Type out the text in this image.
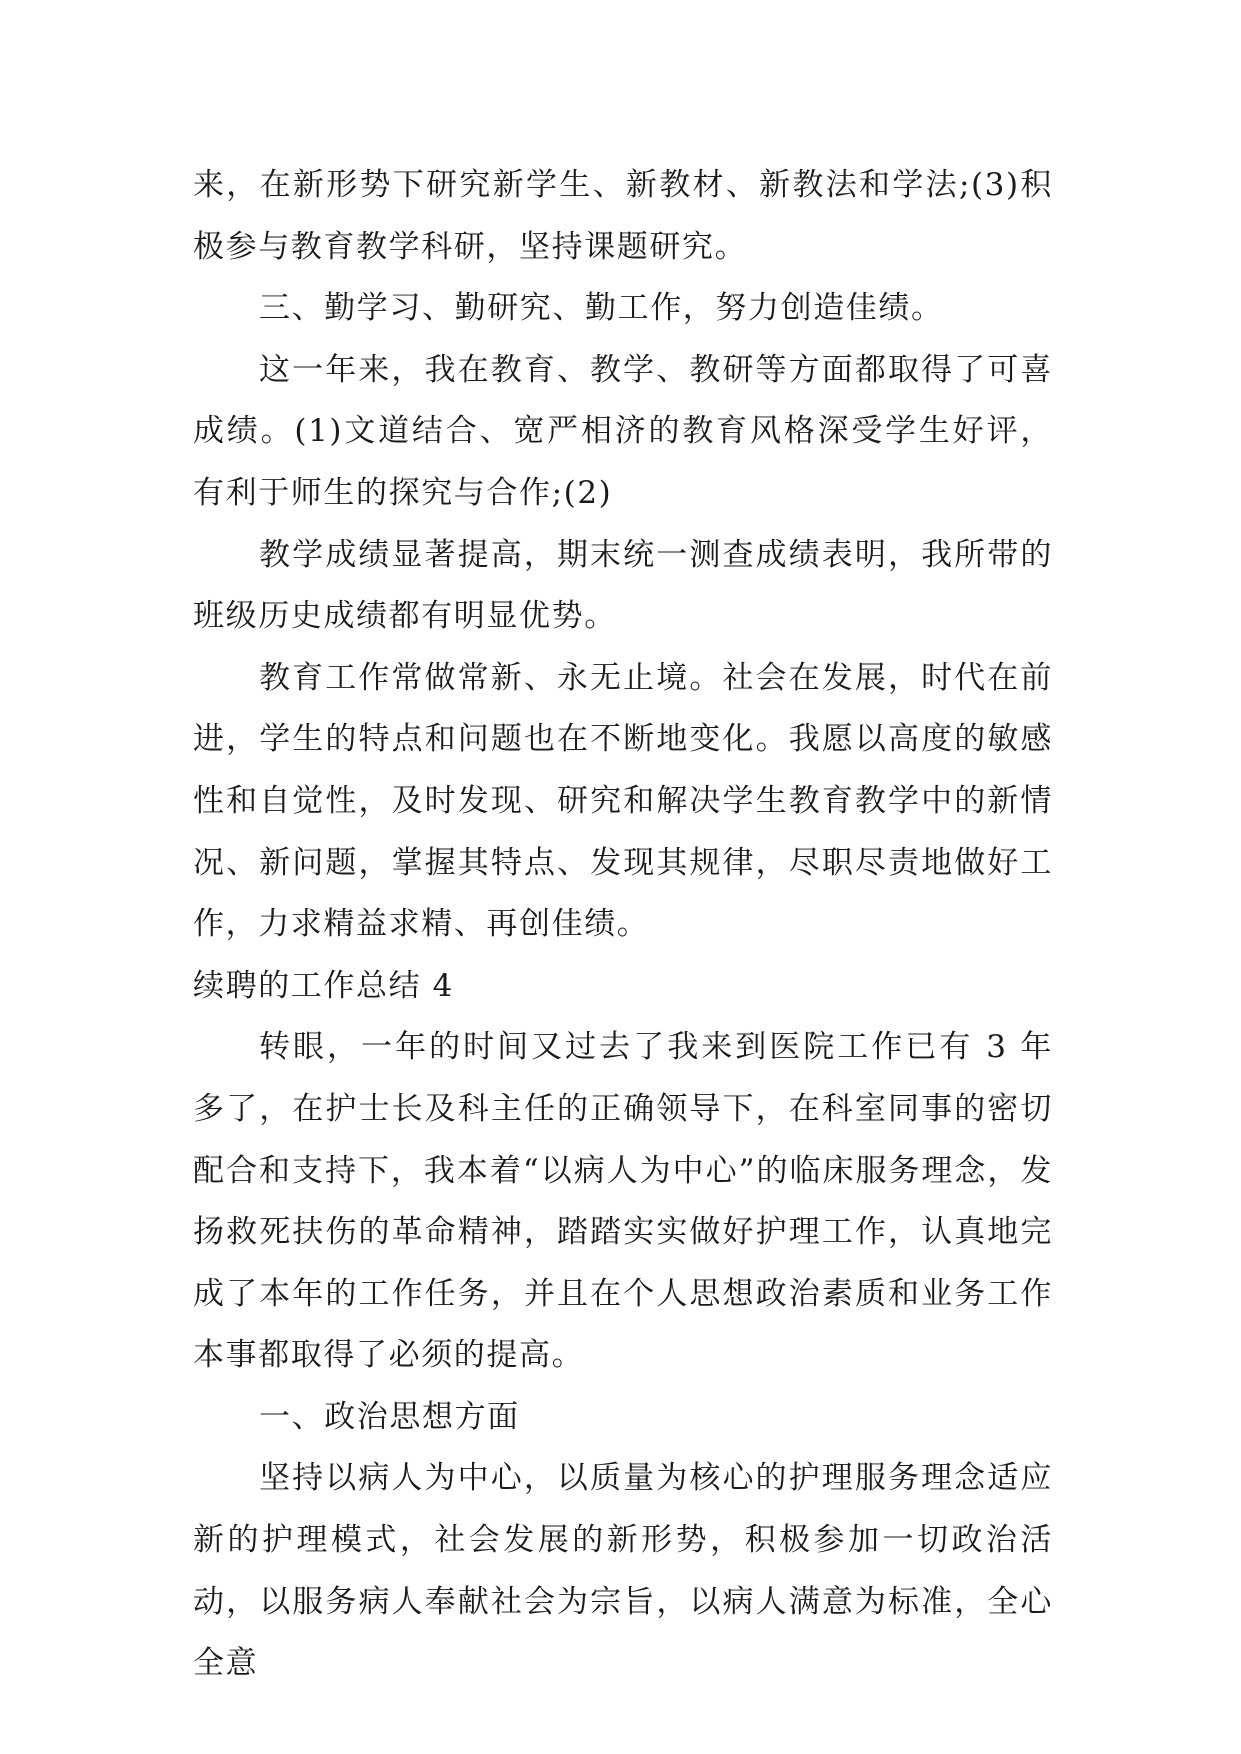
来，在新形势下研究新学生、新教材、新教法和学法;(3)积极参与教育教学科研，坚持课题研究。

三、勤学习、勤研究、勤工作，努力创造佳绩。

这一年来，我在教育、教学、教研等方面都取得了可喜成绩。(1)文道结合、宽严相济的教育风格深受学生好评，有利于师生的探究与合作;(2)

教学成绩显著提高，期末统一测查成绩表明，我所带的班级历史成绩都有明显优势。

教育工作常做常新、永无止境。社会在发展，时代在前进，学生的特点和问题也在不断地变化。我愿以高度的敏感性和自觉性，及时发现、研究和解决学生教育教学中的新情况、新问题，掌握其特点、发现其规律，尽职尽责地做好工作，力求精益求精、再创佳绩。

续聘的工作总结 4

转眼，一年的时间又过去了我来到医院工作已有 3 年多了，在护士长及科主任的正确领导下，在科室同事的密切配合和支持下，我本着“以病人为中心”的临床服务理念，发扬救死扶伤的革命精神，踏踏实实做好护理工作，认真地完成了本年的工作任务，并且在个人思想政治素质和业务工作本事都取得了必须的提高。

一、政治思想方面

坚持以病人为中心，以质量为核心的护理服务理念适应新的护理模式，社会发展的新形势，积极参加一切政治活动，以服务病人奉献社会为宗旨，以病人满意为标准，全心全意
